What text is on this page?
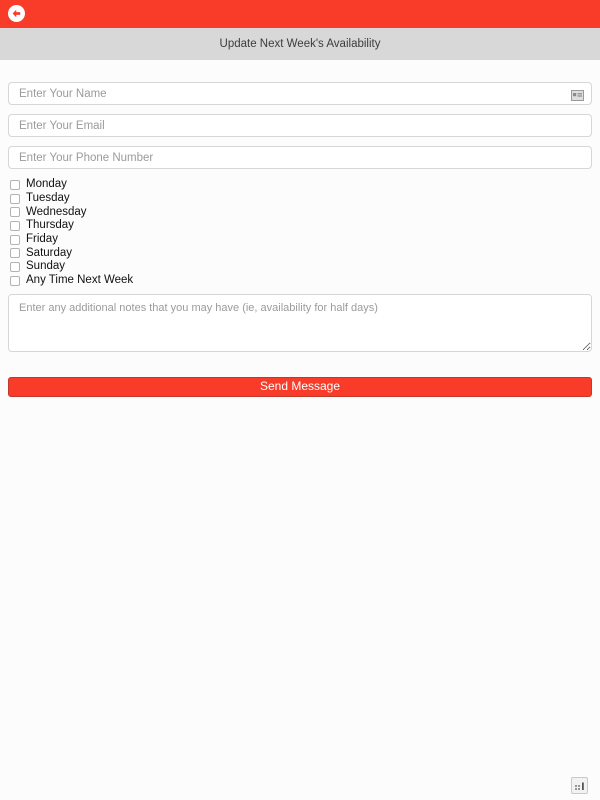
Update Next Week's Availability
Enter Your Name
Enter Your Email
Enter Your Phone Number
Monday
Tuesday
Wednesday
Thursday
Friday
Saturday
Sunday
Any Time Next Week
Enter any additional notes that you may have (ie, availability for half days)
Send Message
